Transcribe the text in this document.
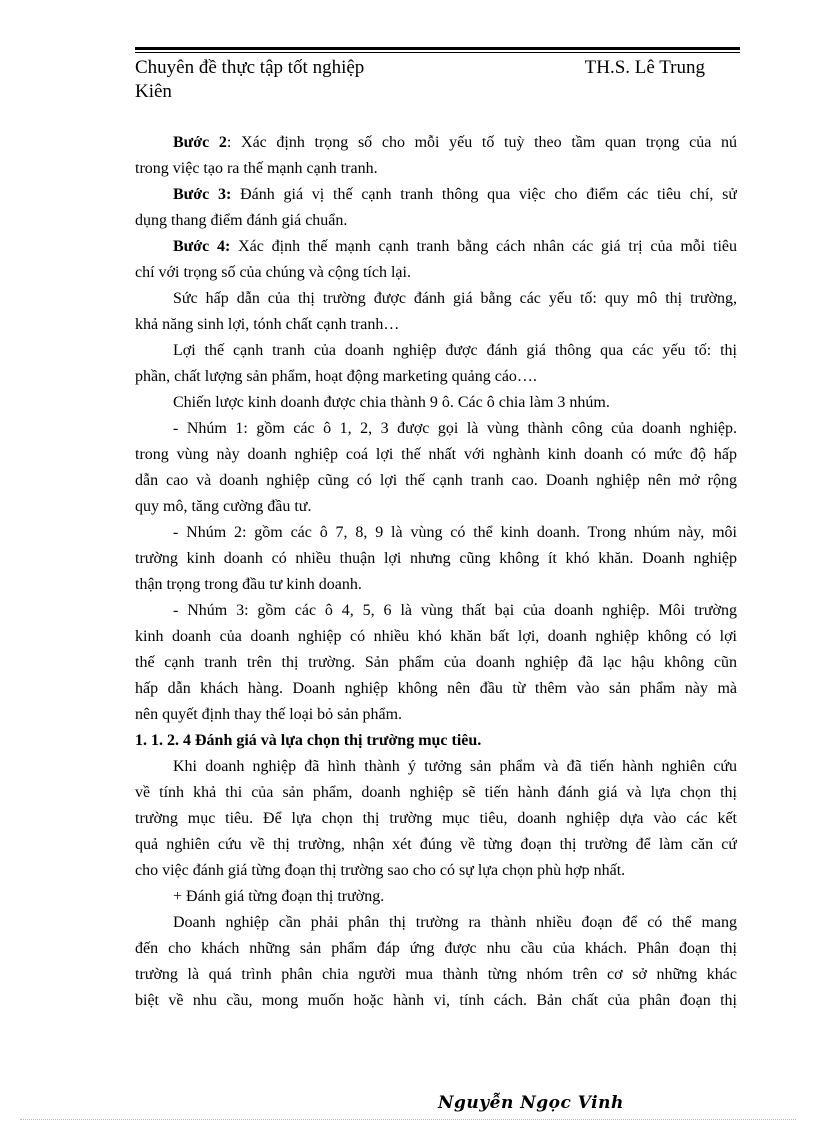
Chuyên đề thực tập tốt nghiệp	TH.S. Lê Trung
Kiên
Bước 2: Xác định trọng số cho mỗi yếu tố tuỳ theo tầm quan trọng của nú
trong việc tạo ra thế mạnh cạnh tranh.
Bước 3: Đánh giá vị thế cạnh tranh thông qua việc cho điểm các tiêu chí, sử
dụng thang điểm đánh giá chuẩn.
Bước 4: Xác định thế mạnh cạnh tranh bằng cách nhân các giá trị của mỗi tiêu
chí với trọng số của chúng và cộng tích lại.
Sức hấp dẫn của thị trường được đánh giá bằng các yếu tố: quy mô thị trường,
khả năng sinh lợi, tónh chất cạnh tranh…
Lợi thế cạnh tranh của doanh nghiệp được đánh giá thông qua các yếu tố: thị
phần, chất lượng sản phẩm, hoạt động marketing quảng cáo….
Chiến lược kinh doanh được chia thành 9 ô. Các ô chia làm 3 nhúm.
- Nhúm 1: gồm các ô 1, 2, 3 được gọi là vùng thành công của doanh nghiệp.
trong vùng này doanh nghiệp coá lợi thế nhất với nghành kinh doanh có mức độ hấp
dẫn cao và doanh nghiệp cũng có lợi thế cạnh tranh cao. Doanh nghiệp nên mở rộng
quy mô, tăng cường đầu tư.
- Nhúm 2: gồm các ô 7, 8, 9 là vùng có thể kinh doanh. Trong nhúm này, môi
trường kinh doanh có nhiều thuận lợi nhưng cũng không ít khó khăn. Doanh nghiệp
thận trọng trong đầu tư kinh doanh.
- Nhúm 3: gồm các ô 4, 5, 6 là vùng thất bại của doanh nghiệp. Môi trường
kinh doanh của doanh nghiệp có nhiều khó khăn bất lợi, doanh nghiệp không có lợi
thế cạnh tranh trên thị trường. Sản phẩm của doanh nghiệp đã lạc hậu không cũn
hấp dẫn khách hàng. Doanh nghiệp không nên đầu từ thêm vào sản phẩm này mà
nên quyết định thay thế loại bỏ sản phẩm.
1. 1. 2. 4 Đánh giá và lựa chọn thị trường mục tiêu.
Khi doanh nghiệp đã hình thành ý tưởng sản phẩm và đã tiến hành nghiên cứu
về tính khả thi của sản phẩm, doanh nghiệp sẽ tiến hành đánh giá và lựa chọn thị
trường mục tiêu. Để lựa chọn thị trường mục tiêu, doanh nghiệp dựa vào các kết
quả nghiên cứu về thị trường, nhận xét đúng về từng đoạn thị trường để làm căn cứ
cho việc đánh giá từng đoạn thị trường sao cho có sự lựa chọn phù hợp nhất.
+ Đánh giá từng đoạn thị trường.
Doanh nghiệp cần phải phân thị trường ra thành nhiều đoạn để có thể mang
đến cho khách những sản phẩm đáp ứng được nhu cầu của khách. Phân đoạn thị
trường là quá trình phân chia người mua thành từng nhóm trên cơ sở những khác
biệt về nhu cầu, mong muốn hoặc hành vi, tính cách. Bản chất của phân đoạn thị
Nguyễn Ngọc Vinh
